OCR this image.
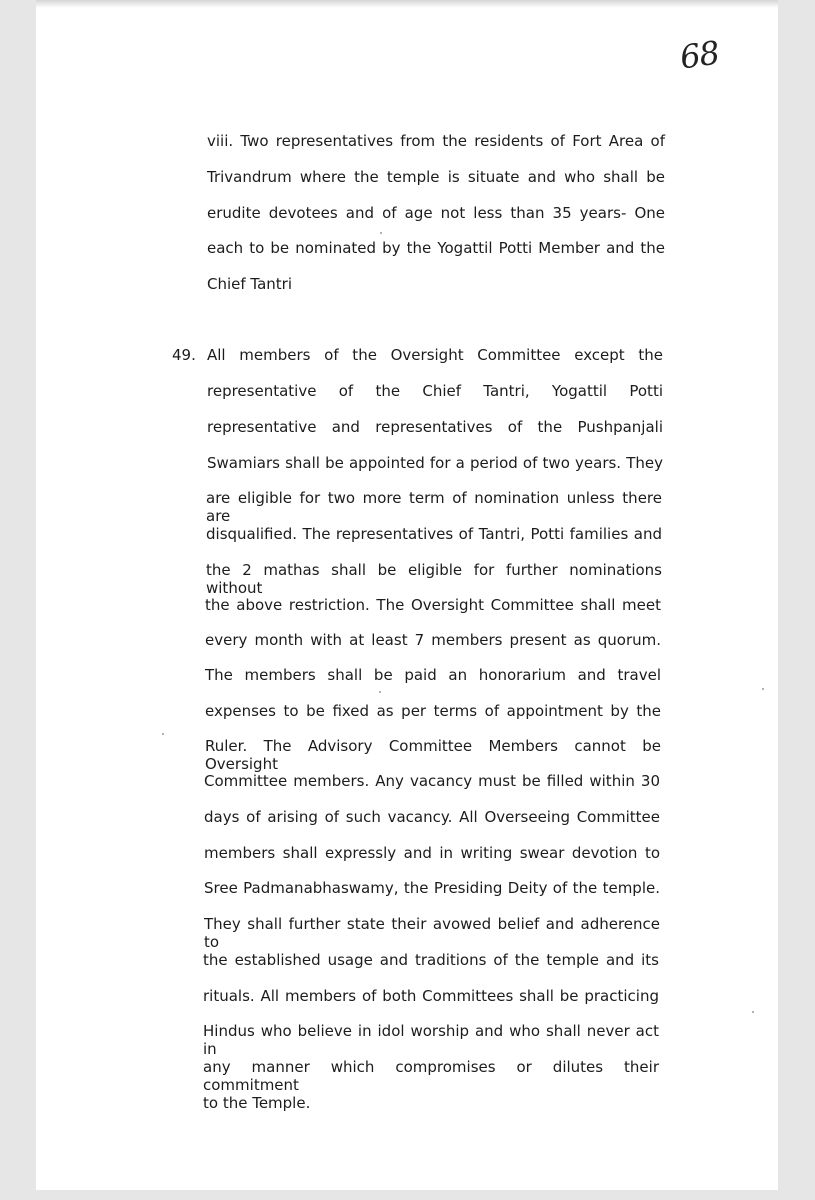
68
viii. Two representatives from the residents of Fort Area of
Trivandrum where the temple is situate and who shall be
erudite devotees and of age not less than 35 years- One
each to be nominated by the Yogattil Potti Member and the
Chief Tantri
49. All members of the Oversight Committee except the
representative of the Chief Tantri, Yogattil Potti
representative and representatives of the Pushpanjali
Swamiars shall be appointed for a period of two years. They
are eligible for two more term of nomination unless there are
disqualified. The representatives of Tantri, Potti families and
the 2 mathas shall be eligible for further nominations without
the above restriction. The Oversight Committee shall meet
every month with at least 7 members present as quorum.
The members shall be paid an honorarium and travel
expenses to be fixed as per terms of appointment by the
Ruler. The Advisory Committee Members cannot be Oversight
Committee members. Any vacancy must be filled within 30
days of arising of such vacancy. All Overseeing Committee
members shall expressly and in writing swear devotion to
Sree Padmanabhaswamy, the Presiding Deity of the temple.
They shall further state their avowed belief and adherence to
the established usage and traditions of the temple and its
rituals. All members of both Committees shall be practicing
Hindus who believe in idol worship and who shall never act in
any manner which compromises or dilutes their commitment
to the Temple.
